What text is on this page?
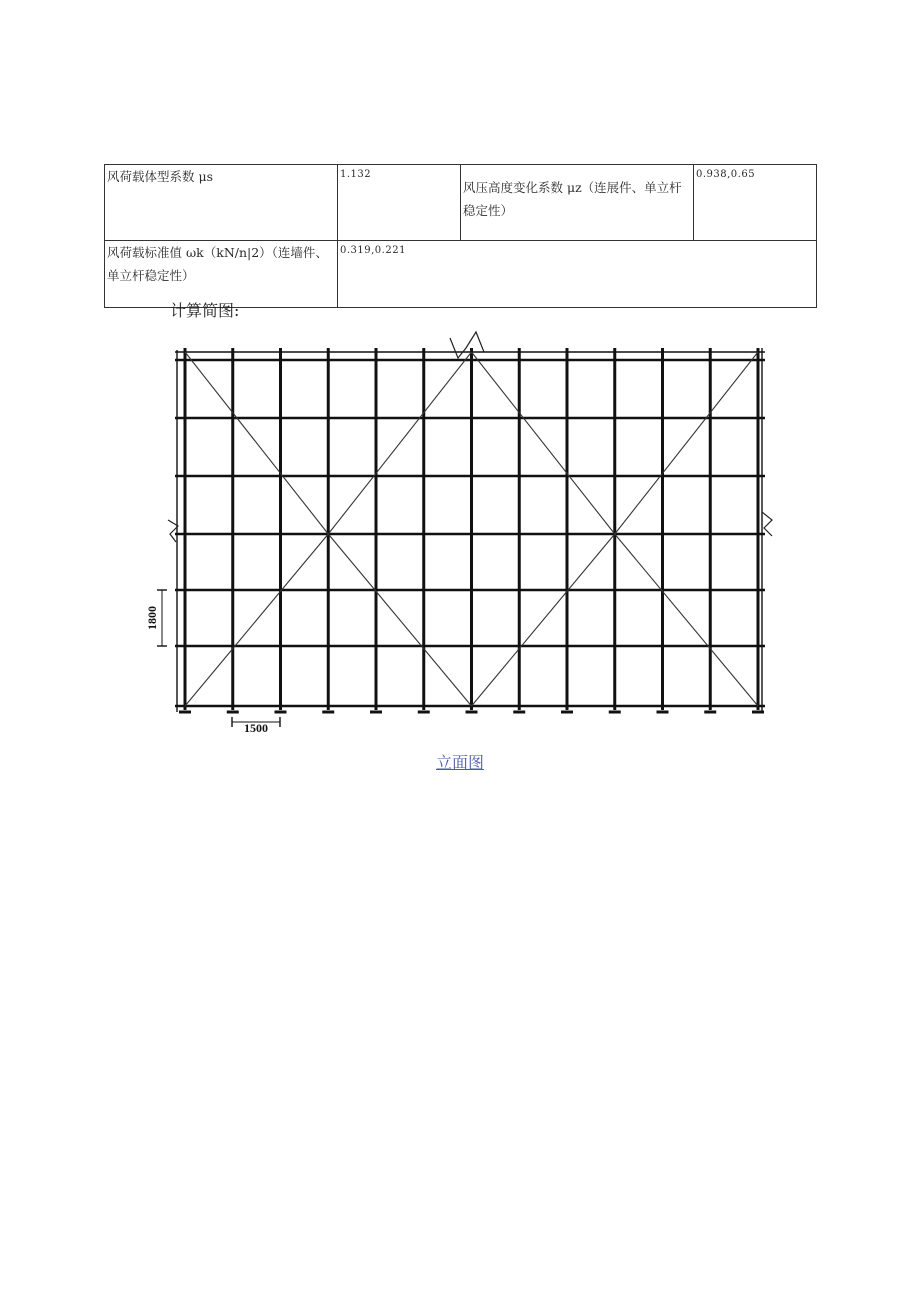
风荷载体型系数 μs	1.132	风压高度变化系数 μz（连展件、单立杆稳定性）	0.938,0.65
风荷载标准值 ωk（kN/n|2）（连墙件、单立杆稳定性）	0.319,0.221		
计算简图:
1800
1500
立面图
